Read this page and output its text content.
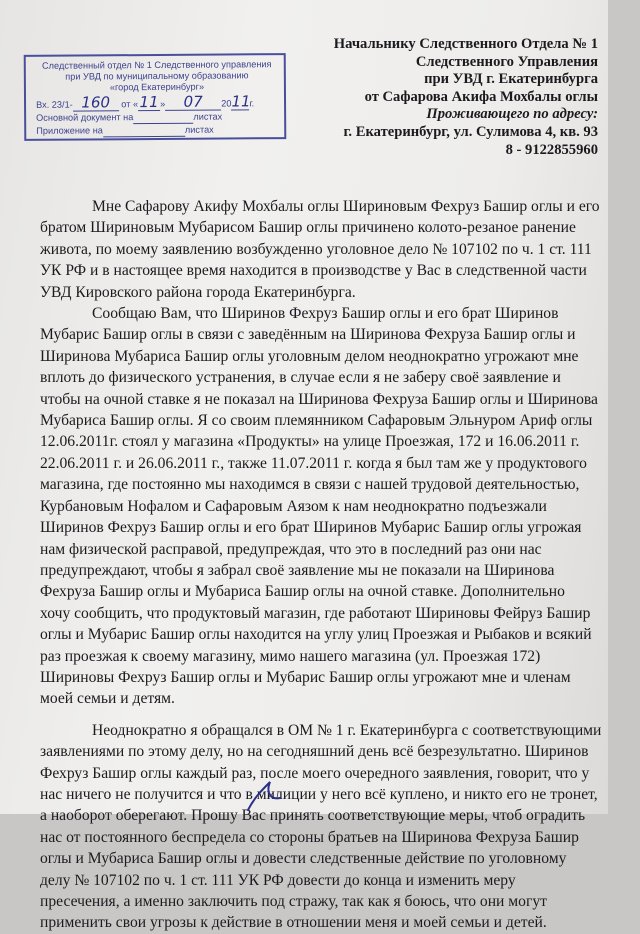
Следственный отдел № 1 Следственного управления
при УВД по муниципальному образованию
«город Екатеринбург»
Вх. 23/1- 160 от «11» 07 2011г.
Основной документ на	листах
Приложение на	листах
Начальнику Следственного Отдела № 1
Следственного Управления
при УВД г. Екатеринбурга
от Сафарова Акифа Мохбалы оглы
Проживающего по адресу:
г. Екатеринбург, ул. Сулимова 4, кв. 93
8 - 9122855960

Мне Сафарову Акифу Мохбалы оглы Шириновым Фехруз Башир оглы и его
братом Шириновым Мубарисом Башир оглы причинено колото-резаное ранение
живота, по моему заявлению возбужденно уголовное дело № 107102 по ч. 1 ст. 111
УК РФ и в настоящее время находится в производстве у Вас в следственной части
УВД Кировского района города Екатеринбурга.

Сообщаю Вам, что Ширинов Фехруз Башир оглы и его брат Ширинов
Мубарис Башир оглы в связи с заведённым на Ширинова Фехруза Башир оглы и
Ширинова Мубариса Башир оглы уголовным делом неоднократно угрожают мне
вплоть до физического устранения, в случае если я не заберу своё заявление и
чтобы на очной ставке я не показал на Ширинова Фехруза Башир оглы и Ширинова
Мубариса Башир оглы. Я со своим племянником Сафаровым Эльнуром Ариф оглы
12.06.2011г. стоял у магазина «Продукты» на улице Проезжая, 172 и 16.06.2011 г.
22.06.2011 г. и 26.06.2011 г., также 11.07.2011 г. когда я был там же у продуктового
магазина, где постоянно мы находимся в связи с нашей трудовой деятельностью,
Курбановым Нофалом и Сафаровым Аязом к нам неоднократно подъезжали
Ширинов Фехруз Башир оглы и его брат Ширинов Мубарис Башир оглы угрожая
нам физической расправой, предупреждая, что это в последний раз они нас
предупреждают, чтобы я забрал своё заявление мы не показали на Ширинова
Фехруза Башир оглы и Мубариса Башир оглы на очной ставке. Дополнительно
хочу сообщить, что продуктовый магазин, где работают Шириновы Фейруз Башир
оглы и Мубарис Башир оглы находится на углу улиц Проезжая и Рыбаков и всякий
раз проезжая к своему магазину, мимо нашего магазина (ул. Проезжая 172)
Шириновы Фехруз Башир оглы и Мубарис Башир оглы угрожают мне и членам
моей семьи и детям.

Неоднократно я обращался в ОМ № 1 г. Екатеринбурга с соответствующими
заявлениями по этому делу, но на сегодняшний день всё безрезультатно. Ширинов
Фехруз Башир оглы каждый раз, после моего очередного заявления, говорит, что у
нас ничего не получится и что в милиции у него всё куплено, и никто его не тронет,
а наоборот оберегают. Прошу Вас принять соответствующие меры, чтоб оградить
нас от постоянного беспредела со стороны братьев на Ширинова Фехруза Башир
оглы и Мубариса Башир оглы и довести следственные действие по уголовному
делу № 107102 по ч. 1 ст. 111 УК РФ довести до конца и изменить меру
пресечения, а именно заключить под стражу, так как я боюсь, что они могут
применить свои угрозы к действие в отношении меня и моей семьи и детей.
